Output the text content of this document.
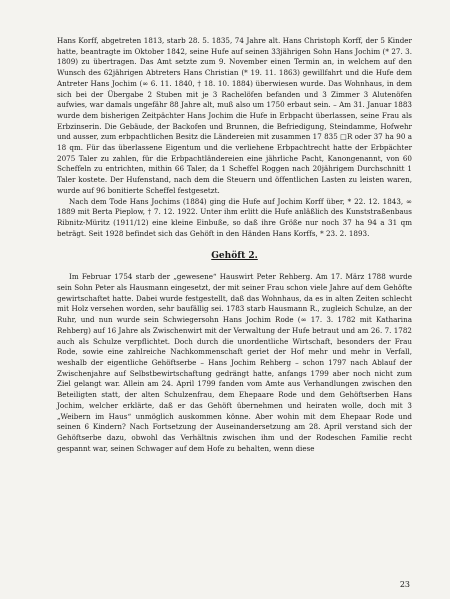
Hans Korff, abgetreten 1813, starb 28. 5. 1835, 74 Jahre alt. Hans Christoph Korff, der 5 Kinder hatte, beantragte im Oktober 1842, seine Hufe auf seinen 33jährigen Sohn Hans Jochim (* 27. 3. 1809) zu übertragen. Das Amt setzte zum 9. November einen Termin an, in welchem auf den Wunsch des 62jährigen Abtreters Hans Christian (* 19. 11. 1863) gewillfahrt und die Hufe dem Antreter Hans Jochim (∞ 6. 11. 1840, † 18. 10. 1884) überwiesen wurde. Das Wohnhaus, in dem sich bei der Übergabe 2 Stuben mit je 3 Rachelöfen befanden und 3 Zimmer 3 Alutenöfen aufwies, war damals ungefähr 88 Jahre alt, muß also um 1750 erbaut sein. – Am 31. Januar 1883 wurde dem bisherigen Zeitpächter Hans Jochim die Hufe in Erbpacht überlassen, seine Frau als Erbzinserin. Die Gebäude, der Backofen und Brunnen, die Befriedigung, Steindamme, Hofwehr und ausser, zum erbpachtlichen Besitz die Ländereien mit zusammen 17 835 □R oder 37 ha 90 a 18 qm. Für das überlassene Eigentum und die verliehene Erbpachtrecht hatte der Erbpächter 2075 Taler zu zahlen, für die Erbpachtländereien eine jährliche Pacht, Kanongenannt, von 60 Scheffeln zu entrichten, mithin 66 Taler, da 1 Scheffel Roggen nach 20jährigem Durchschnitt 1 Taler kostete. Der Hufenstand, nach dem die Steuern und öffentlichen Lasten zu leisten waren, wurde auf 96 bonitierte Scheffel festgesetzt.

Nach dem Tode Hans Jochims (1884) ging die Hufe auf Jochim Korff über, * 22. 12. 1843, ∞ 1889 mit Berta Pieplow, † 7. 12. 1922. Unter ihm erlitt die Hufe anläßlich des Kunststraßenbaus Ribnitz-Müritz (1911/12) eine kleine Einbuße, so daß ihre Größe nur noch 37 ha 94 a 31 qm beträgt. Seit 1928 befindet sich das Gehöft in den Händen Hans Korffs, * 23. 2. 1893.

Gehöft 2.

Im Februar 1754 starb der „gewesene“ Hauswirt Peter Rehberg. Am 17. März 1788 wurde sein Sohn Peter als Hausmann eingesetzt, der mit seiner Frau schon viele Jahre auf dem Gehöfte gewirtschaftet hatte. Dabei wurde festgestellt, daß das Wohnhaus, da es in alten Zeiten schlecht mit Holz versehen worden, sehr baufällig sei. 1783 starb Hausmann R., zugleich Schulze, an der Ruhr, und nun wurde sein Schwiegersohn Hans Jochim Rode (∞ 17. 3. 1782 mit Katharina Rehberg) auf 16 Jahre als Zwischenwirt mit der Verwaltung der Hufe betraut und am 26. 7. 1782 auch als Schulze verpflichtet. Doch durch die unordentliche Wirtschaft, besonders der Frau Rode, sowie eine zahlreiche Nachkommenschaft geriet der Hof mehr und mehr in Verfall, weshalb der eigentliche Gehöftserbe – Hans Jochim Rehberg – schon 1797 nach Ablauf der Zwischenjahre auf Selbstbewirtschaftung gedrängt hatte, anfangs 1799 aber noch nicht zum Ziel gelangt war. Allein am 24. April 1799 fanden vom Amte aus Verhandlungen zwischen den Beteiligten statt, der alten Schulzenfrau, dem Ehepaare Rode und dem Gehöftserben Hans Jochim, welcher erklärte, daß er das Gehöft übernehmen und heiraten wolle, doch mit 3 „Weibern im Haus“ unmöglich auskommen könne. Aber wohin mit dem Ehepaar Rode und seinen 6 Kindern? Nach Fortsetzung der Auseinandersetzung am 28. April verstand sich der Gehöftserbe dazu, obwohl das Verhältnis zwischen ihm und der Rodeschen Familie recht gespannt war, seinen Schwager auf dem Hofe zu behalten, wenn diese

23
